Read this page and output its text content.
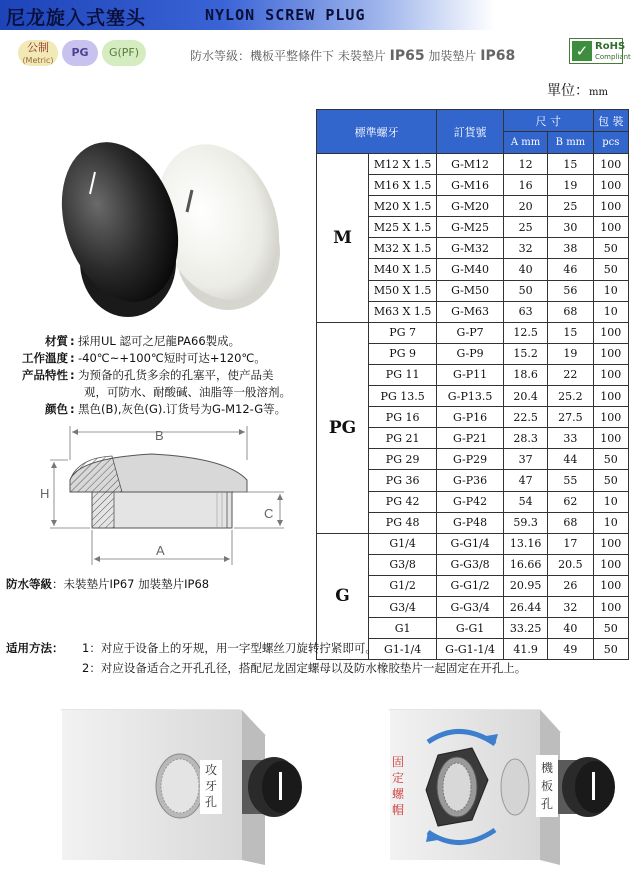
尼龙旋入式塞头	NYLON SCREW PLUG
公制
(Metric)
PG	G(PF)	防水等級：機板平整條件下 未裝墊片 IP65 加裝墊片 IP68	✓ RoHS
Compliant
單位：mm
標準螺牙		訂貨號	尺 寸		包 裝
			A mm	B mm	pcs
M	M12 X 1.5	G-M12	12	15	100
	M16 X 1.5	G-M16	16	19	100
	M20 X 1.5	G-M20	20	25	100
	M25 X 1.5	G-M25	25	30	100
	M32 X 1.5	G-M32	32	38	50
	M40 X 1.5	G-M40	40	46	50
	M50 X 1.5	G-M50	50	56	10
	M63 X 1.5	G-M63	63	68	10
PG	PG 7	G-P7	12.5	15	100
	PG 9	G-P9	15.2	19	100
	PG 11	G-P11	18.6	22	100
	PG 13.5	G-P13.5	20.4	25.2	100
	PG 16	G-P16	22.5	27.5	100
	PG 21	G-P21	28.3	33	100
	PG 29	G-P29	37	44	50
	PG 36	G-P36	47	55	50
	PG 42	G-P42	54	62	10
	PG 48	G-P48	59.3	68	10
G	G1/4	G-G1/4	13.16	17	100
	G3/8	G-G3/8	16.66	20.5	100
	G1/2	G-G1/2	20.95	26	100
	G3/4	G-G3/4	26.44	32	100
	G1	G-G1	33.25	40	50
	G1-1/4	G-G1-1/4	41.9	49	50
材質 : 採用UL 認可之尼龍PA66製成。
工作溫度 : -40℃~+100℃短时可达+120℃。
产品特性 : 为预备的孔货多余的孔塞平，使产品美
观，可防水、耐酸碱、油脂等一般溶剂。
颜色 : 黑色(B),灰色(G).订货号为G-M12-G等。
B
H
C
A
防水等級：未裝墊片IP67 加裝墊片IP68
适用方法： 1：对应于设备上的牙规，用一字型螺丝刀旋转拧紧即可。
2：对应设备适合之开孔孔径，搭配尼龙固定螺母以及防水橡胶垫片一起固定在开孔上。
攻
牙
孔
固
定
螺
帽
機
板
孔
